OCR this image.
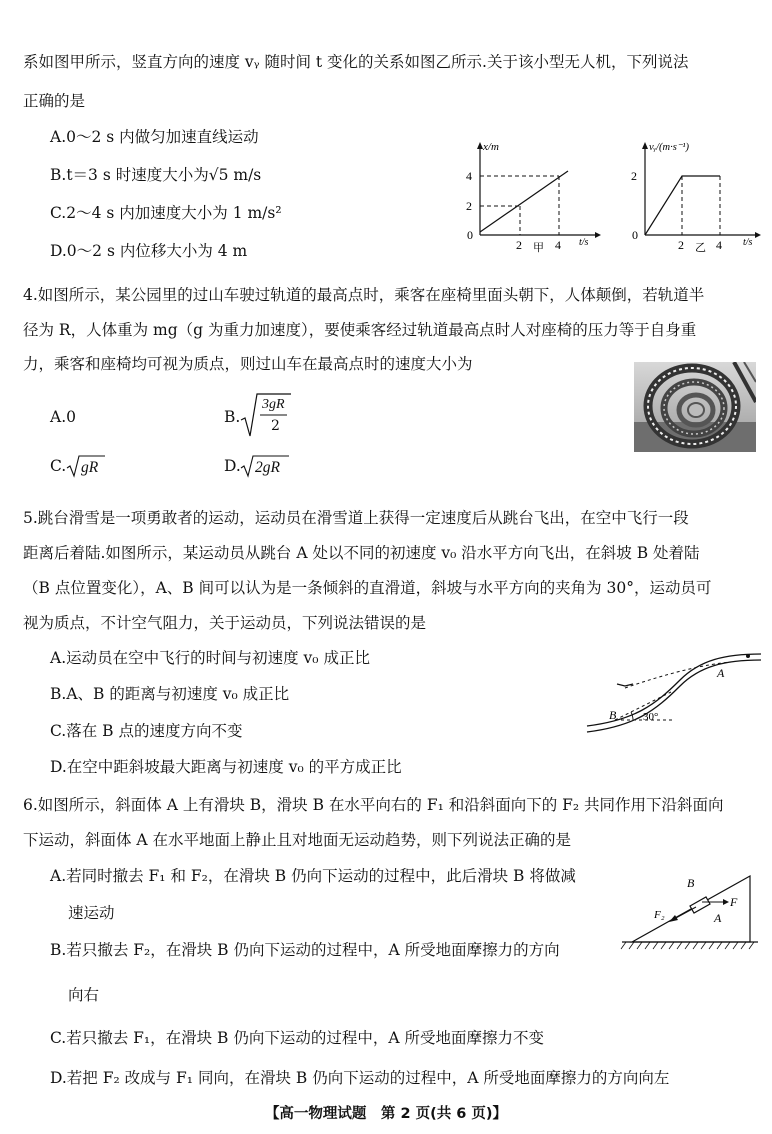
系如图甲所示，竖直方向的速度 vᵧ 随时间 t 变化的关系如图乙所示.关于该小型无人机，下列说法
正确的是
A.0～2 s 内做匀加速直线运动
B.t＝3 s 时速度大小为√5 m/s
C.2～4 s 内加速度大小为 1 m/s²
D.0～2 s 内位移大小为 4 m
x/m
4
2
0
2	4 t/s
甲
vᵧ/(m·s⁻¹)
2
0
2	4 t/s
乙
4.如图所示，某公园里的过山车驶过轨道的最高点时，乘客在座椅里面头朝下，人体颠倒，若轨道半
径为 R，人体重为 mg（g 为重力加速度），要使乘客经过轨道最高点时人对座椅的压力等于自身重
力，乘客和座椅均可视为质点，则过山车在最高点时的速度大小为
A.0	B.
3gR
2
C. gR	D. 2gR
5.跳台滑雪是一项勇敢者的运动，运动员在滑雪道上获得一定速度后从跳台飞出，在空中飞行一段
距离后着陆.如图所示，某运动员从跳台 A 处以不同的初速度 v₀ 沿水平方向飞出，在斜坡 B 处着陆
（B 点位置变化），A、B 间可以认为是一条倾斜的直滑道，斜坡与水平方向的夹角为 30°，运动员可
视为质点，不计空气阻力，关于运动员，下列说法错误的是
A.运动员在空中飞行的时间与初速度 v₀ 成正比
B.A、B 的距离与初速度 v₀ 成正比
C.落在 B 点的速度方向不变
D.在空中距斜坡最大距离与初速度 v₀ 的平方成正比
A
B 30°
6.如图所示，斜面体 A 上有滑块 B，滑块 B 在水平向右的 F₁ 和沿斜面向下的 F₂ 共同作用下沿斜面向
下运动，斜面体 A 在水平地面上静止且对地面无运动趋势，则下列说法正确的是
A.若同时撤去 F₁ 和 F₂，在滑块 B 仍向下运动的过程中，此后滑块 B 将做减
速运动
B.若只撤去 F₂，在滑块 B 仍向下运动的过程中，A 所受地面摩擦力的方向
向右
C.若只撤去 F₁，在滑块 B 仍向下运动的过程中，A 所受地面摩擦力不变
D.若把 F₂ 改成与 F₁ 同向，在滑块 B 仍向下运动的过程中，A 所受地面摩擦力的方向向左
B
A
F
F₂
【高一物理试题　第 2 页(共 6 页)】
